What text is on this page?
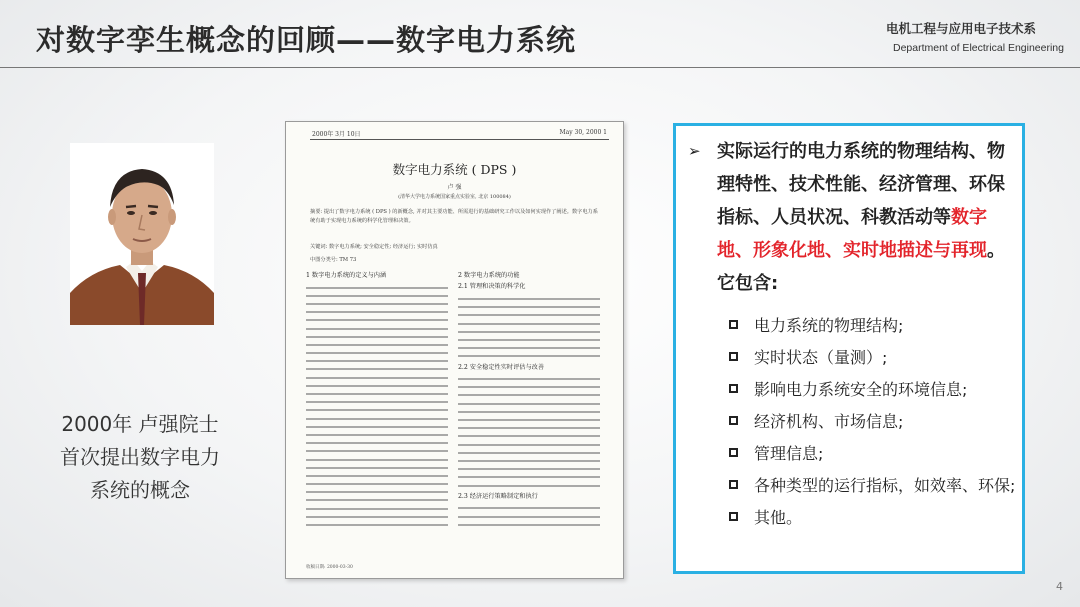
对数字孪生概念的回顾——数字电力系统	电机工程与应用电子技术系
Department of Electrical Engineering
2000年 卢强院士首次提出数字电力系统的概念
2000年 3月 10日	May 30, 2000 1
数字电力系统 ( DPS )
卢 强
(清华大学电力系统国家重点实验室, 北京 100084)
摘要: 提出了数字电力系统 ( DPS ) 的新概念, 并对其主要功能、所需进行的基础研究工作以及如何实现作了阐述。数字电力系统有助于实现电力系统的科学化管理和决策。
关键词: 数字电力系统; 安全稳定性; 经济运行; 实时仿真
中图分类号: TM 73
1 数字电力系统的定义与内涵	2 数字电力系统的功能
2.1 管理和决策的科学化
2.2 安全稳定性实时评估与改善
2.3 经济运行策略制定和执行
收稿日期: 2000-03-30
➢ 实际运行的电力系统的物理结构、物理特性、技术性能、经济管理、环保指标、人员状况、科教活动等数字地、形象化地、实时地描述与再现。它包含:
电力系统的物理结构;
实时状态（量测）;
影响电力系统安全的环境信息;
经济机构、市场信息;
管理信息;
各种类型的运行指标，如效率、环保;
其他。
4
